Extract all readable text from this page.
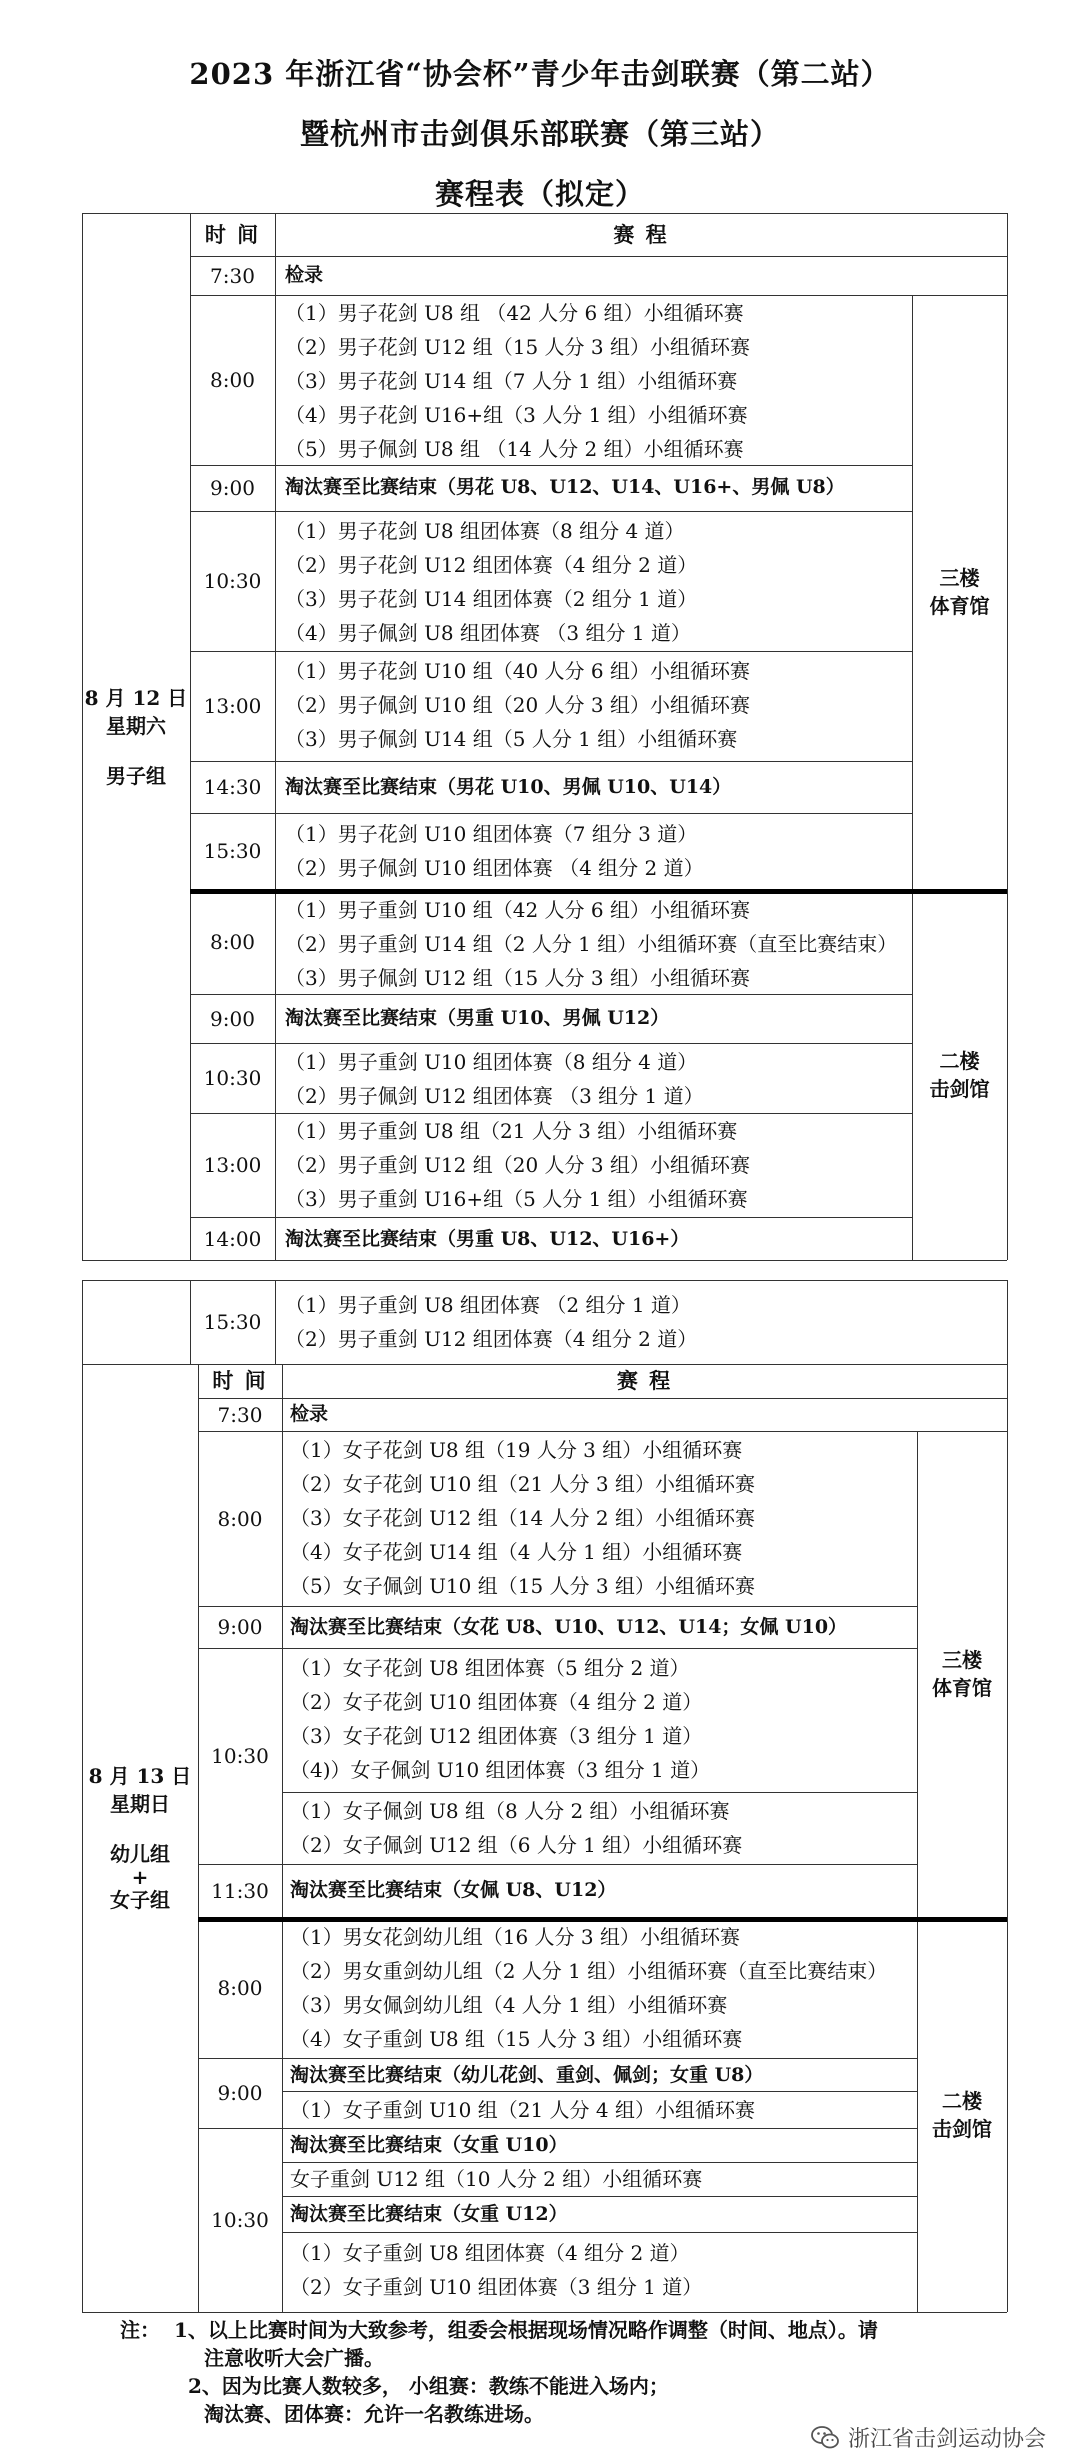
2023 年浙江省“协会杯”青少年击剑联赛（第二站）
暨杭州市击剑俱乐部联赛（第三站）
赛程表（拟定）
时 间	赛 程
8 月 12 日
星期六
男子组
三楼
体育馆
二楼
击剑馆
7:30
8:00
9:00
10:30
13:00
14:30
15:30
8:00
9:00
10:30
13:00
14:00
检录
（1）男子花剑 U8 组 （42 人分 6 组）小组循环赛
（2）男子花剑 U12 组（15 人分 3 组）小组循环赛
（3）男子花剑 U14 组（7 人分 1 组）小组循环赛
（4）男子花剑 U16+组（3 人分 1 组）小组循环赛
（5）男子佩剑 U8 组 （14 人分 2 组）小组循环赛
淘汰赛至比赛结束（男花 U8、U12、U14、U16+、男佩 U8）
（1）男子花剑 U8 组团体赛（8 组分 4 道）
（2）男子花剑 U12 组团体赛（4 组分 2 道）
（3）男子花剑 U14 组团体赛（2 组分 1 道）
（4）男子佩剑 U8 组团体赛 （3 组分 1 道）
（1）男子花剑 U10 组（40 人分 6 组）小组循环赛
（2）男子佩剑 U10 组（20 人分 3 组）小组循环赛
（3）男子佩剑 U14 组（5 人分 1 组）小组循环赛
淘汰赛至比赛结束（男花 U10、男佩 U10、U14）
（1）男子花剑 U10 组团体赛（7 组分 3 道）
（2）男子佩剑 U10 组团体赛 （4 组分 2 道）
（1）男子重剑 U10 组（42 人分 6 组）小组循环赛
（2）男子重剑 U14 组（2 人分 1 组）小组循环赛（直至比赛结束）
（3）男子佩剑 U12 组（15 人分 3 组）小组循环赛
淘汰赛至比赛结束（男重 U10、男佩 U12）
（1）男子重剑 U10 组团体赛（8 组分 4 道）
（2）男子佩剑 U12 组团体赛 （3 组分 1 道）
（1）男子重剑 U8 组（21 人分 3 组）小组循环赛
（2）男子重剑 U12 组（20 人分 3 组）小组循环赛
（3）男子重剑 U16+组（5 人分 1 组）小组循环赛
淘汰赛至比赛结束（男重 U8、U12、U16+）
15:30
（1）男子重剑 U8 组团体赛 （2 组分 1 道）
（2）男子重剑 U12 组团体赛（4 组分 2 道）
时 间	赛 程
8 月 13 日
星期日
幼儿组
+
女子组
三楼
体育馆
二楼
击剑馆
7:30
8:00
9:00
10:30
11:30
8:00
9:00
10:30
检录
（1）女子花剑 U8 组（19 人分 3 组）小组循环赛
（2）女子花剑 U10 组（21 人分 3 组）小组循环赛
（3）女子花剑 U12 组（14 人分 2 组）小组循环赛
（4）女子花剑 U14 组（4 人分 1 组）小组循环赛
（5）女子佩剑 U10 组（15 人分 3 组）小组循环赛
淘汰赛至比赛结束（女花 U8、U10、U12、U14；女佩 U10）
（1）女子花剑 U8 组团体赛（5 组分 2 道）
（2）女子花剑 U10 组团体赛（4 组分 2 道）
（3）女子花剑 U12 组团体赛（3 组分 1 道）
（4)）女子佩剑 U10 组团体赛（3 组分 1 道）
（1）女子佩剑 U8 组（8 人分 2 组）小组循环赛
（2）女子佩剑 U12 组（6 人分 1 组）小组循环赛
淘汰赛至比赛结束（女佩 U8、U12）
（1）男女花剑幼儿组（16 人分 3 组）小组循环赛
（2）男女重剑幼儿组（2 人分 1 组）小组循环赛（直至比赛结束）
（3）男女佩剑幼儿组（4 人分 1 组）小组循环赛
（4）女子重剑 U8 组（15 人分 3 组）小组循环赛
淘汰赛至比赛结束（幼儿花剑、重剑、佩剑；女重 U8）
（1）女子重剑 U10 组（21 人分 4 组）小组循环赛
淘汰赛至比赛结束（女重 U10）
女子重剑 U12 组（10 人分 2 组）小组循环赛
淘汰赛至比赛结束（女重 U12）
（1）女子重剑 U8 组团体赛（4 组分 2 道）
（2）女子重剑 U10 组团体赛（3 组分 1 道）
注： 1、以上比赛时间为大致参考，组委会根据现场情况略作调整（时间、地点）。请
注意收听大会广播。
2、因为比赛人数较多， 小组赛：教练不能进入场内；
淘汰赛、团体赛：允许一名教练进场。
浙江省击剑运动协会
